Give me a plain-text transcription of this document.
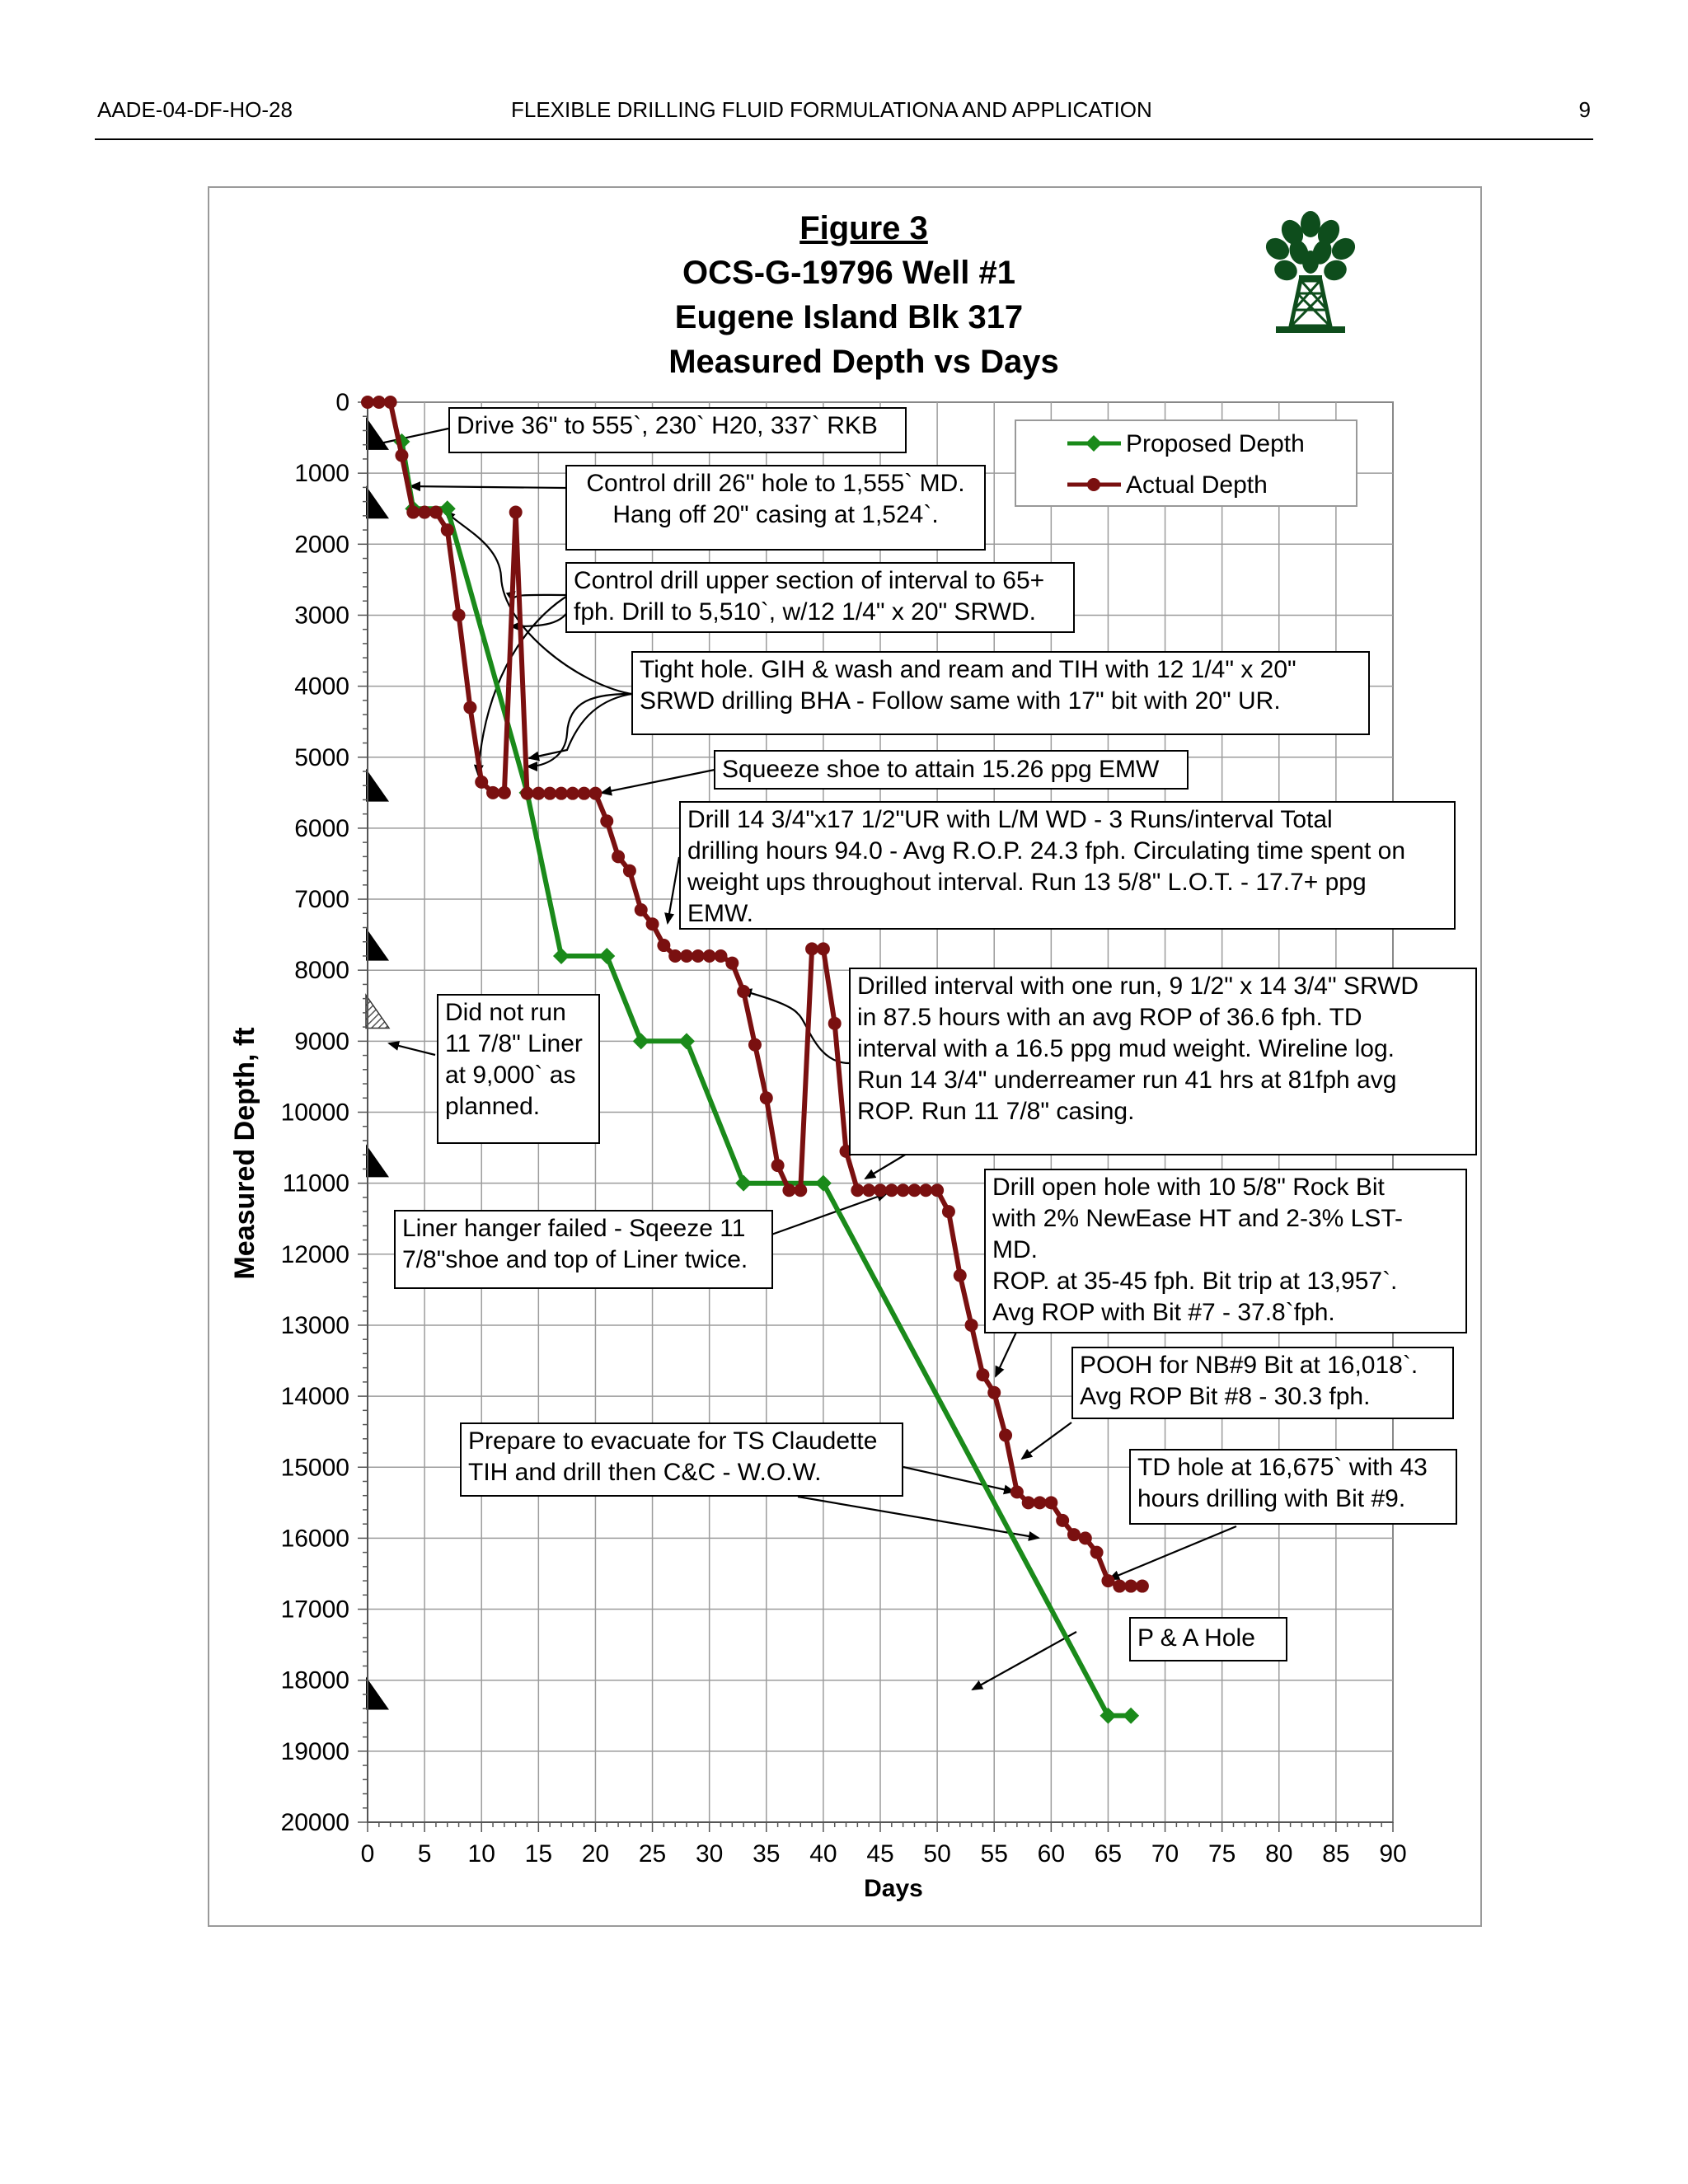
AADE-04-DF-HO-28	FLEXIBLE DRILLING FLUID FORMULATIONA AND APPLICATION	9
0
1000
2000
3000
4000
5000
6000
7000
8000
9000
10000
11000
12000
13000
14000
15000
16000
17000
18000
19000
20000
0 5 10 15 20 25 30 35 40 45 50 55 60 65 70 75 80 85 90
Days
Measured Depth, ft
Figure 3
OCS-G-19796 Well #1
Eugene Island Blk 317
Measured Depth vs Days
Proposed Depth
Actual Depth
Drive 36" to 555`, 230` H20, 337` RKB
Control drill 26" hole to 1,555` MD.
Hang off 20" casing at 1,524`.
Control drill upper section of interval to 65+
fph. Drill to 5,510`, w/12 1/4" x 20" SRWD.
Tight hole. GIH & wash and ream and TIH with 12 1/4" x 20"
SRWD drilling BHA - Follow same with 17" bit with 20" UR.
Squeeze shoe to attain 15.26 ppg EMW
Drill 14 3/4"x17 1/2"UR with L/M WD - 3 Runs/interval Total
drilling hours 94.0 - Avg R.O.P. 24.3 fph. Circulating time spent on
weight ups throughout interval. Run 13 5/8" L.O.T. - 17.7+ ppg
EMW.
Drilled interval with one run, 9 1/2" x 14 3/4" SRWD
in 87.5 hours with an avg ROP of 36.6 fph. TD
interval with a 16.5 ppg mud weight. Wireline log.
Run 14 3/4" underreamer run 41 hrs at 81fph avg
ROP. Run 11 7/8" casing.
Did not run
11 7/8" Liner
at 9,000` as
planned.
Liner hanger failed - Sqeeze 11
7/8"shoe and top of Liner twice.
Drill open hole with 10 5/8" Rock Bit
with 2% NewEase HT and 2-3% LST-
MD.
ROP. at 35-45 fph. Bit trip at 13,957`.
Avg ROP with Bit #7 - 37.8`fph.
POOH for NB#9 Bit at 16,018`.
Avg ROP Bit #8 - 30.3 fph.
Prepare to evacuate for TS Claudette
TIH and drill then C&C - W.O.W.	TD hole at 16,675` with 43
hours drilling with Bit #9.
P & A Hole
